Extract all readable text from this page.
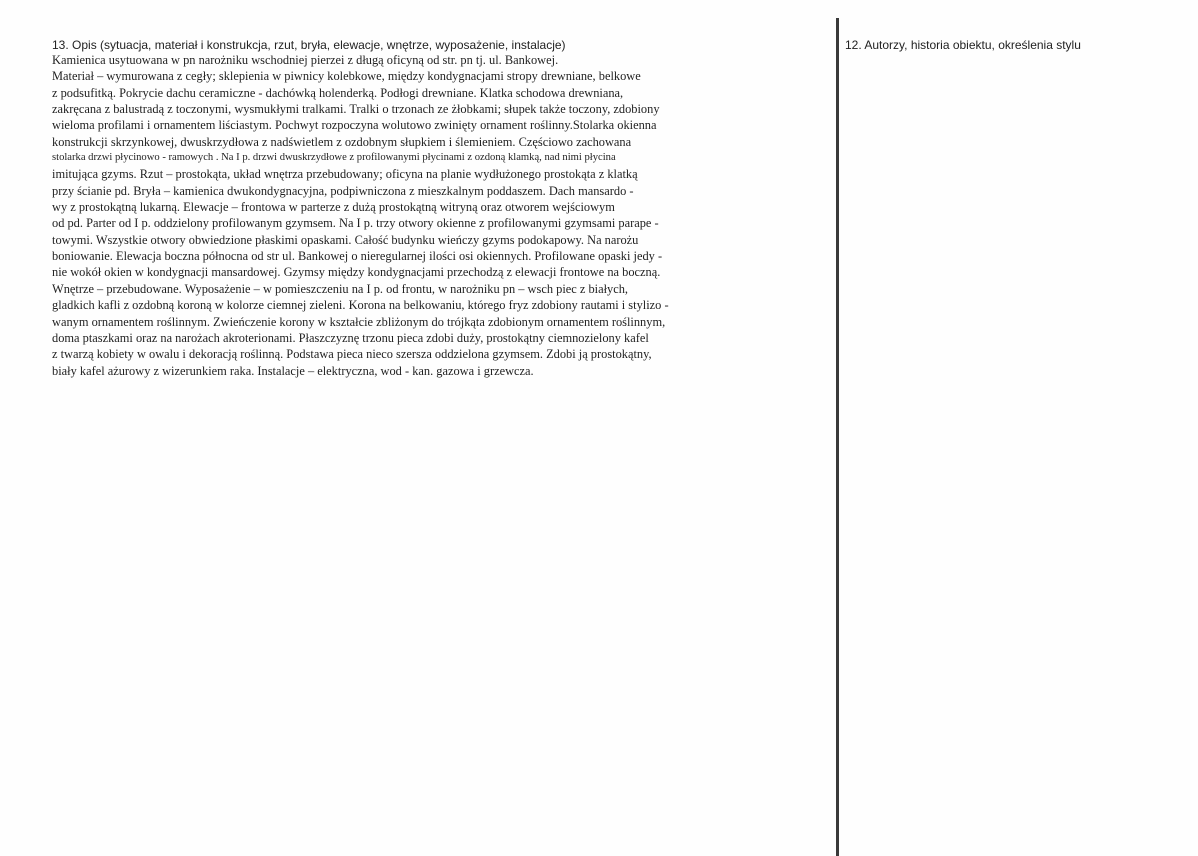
13. Opis (sytuacja, materiał i konstrukcja, rzut, bryła, elewacje, wnętrze, wyposażenie, instalacje)

Kamienica usytuowana w pn narożniku wschodniej pierzei z długą oficyną od str. pn tj. ul. Bankowej.
Materiał – wymurowana z cegły; sklepienia w piwnicy kolebkowe, między kondygnacjami stropy drewniane, belkowe
z podsufitką. Pokrycie dachu ceramiczne - dachówką holenderką. Podłogi drewniane. Klatka schodowa drewniana,
zakręcana z balustradą z toczonymi, wysmukłymi tralkami. Tralki o trzonach ze żłobkami; słupek także toczony, zdobiony
wieloma profilami i ornamentem liściastym. Pochwyt rozpoczyna wolutowo zwinięty ornament roślinny.Stolarka okienna
konstrukcji skrzynkowej, dwuskrzydłowa z nadświetlem z ozdobnym słupkiem i ślemieniem. Częściowo zachowana
stolarka drzwi płycinowo - ramowych . Na I p. drzwi dwuskrzydłowe z profilowanymi płycinami z ozdoną klamką, nad nimi płycina
imitująca gzyms. Rzut – prostokąta, układ wnętrza przebudowany; oficyna na planie wydłużonego prostokąta z klatką
przy ścianie pd. Bryła – kamienica dwukondygnacyjna, podpiwniczona z mieszkalnym poddaszem. Dach mansardo -
wy z prostokątną lukarną. Elewacje – frontowa w parterze z dużą prostokątną witryną oraz otworem wejściowym
od pd. Parter od I p. oddzielony profilowanym gzymsem. Na I p. trzy otwory okienne z profilowanymi gzymsami parape -
towymi. Wszystkie otwory obwiedzione płaskimi opaskami. Całość budynku wieńczy gzyms podokapowy. Na narożu
boniowanie. Elewacja boczna północna od str ul. Bankowej o nieregularnej ilości osi okiennych. Profilowane opaski jedy -
nie wokół okien w kondygnacji mansardowej. Gzymsy między kondygnacjami przechodzą z elewacji frontowe na boczną.
Wnętrze – przebudowane. Wyposażenie – w pomieszczeniu na I p. od frontu, w narożniku pn – wsch piec z białych,
gladkich kafli z ozdobną koroną w kolorze ciemnej zieleni. Korona na belkowaniu, którego fryz zdobiony rautami i stylizo -
wanym ornamentem roślinnym. Zwieńczenie korony w kształcie zbliżonym do trójkąta zdobionym ornamentem roślinnym,
doma ptaszkami oraz na narożach akroterionami. Płaszczyznę trzonu pieca zdobi duży, prostokątny ciemnozielony kafel
z twarzą kobiety w owalu i dekoracją roślinną. Podstawa pieca nieco szersza oddzielona gzymsem. Zdobi ją prostokątny,
biały kafel ażurowy z wizerunkiem raka. Instalacje – elektryczna, wod - kan. gazowa i grzewcza.

12. Autorzy, historia obiektu, określenia stylu
